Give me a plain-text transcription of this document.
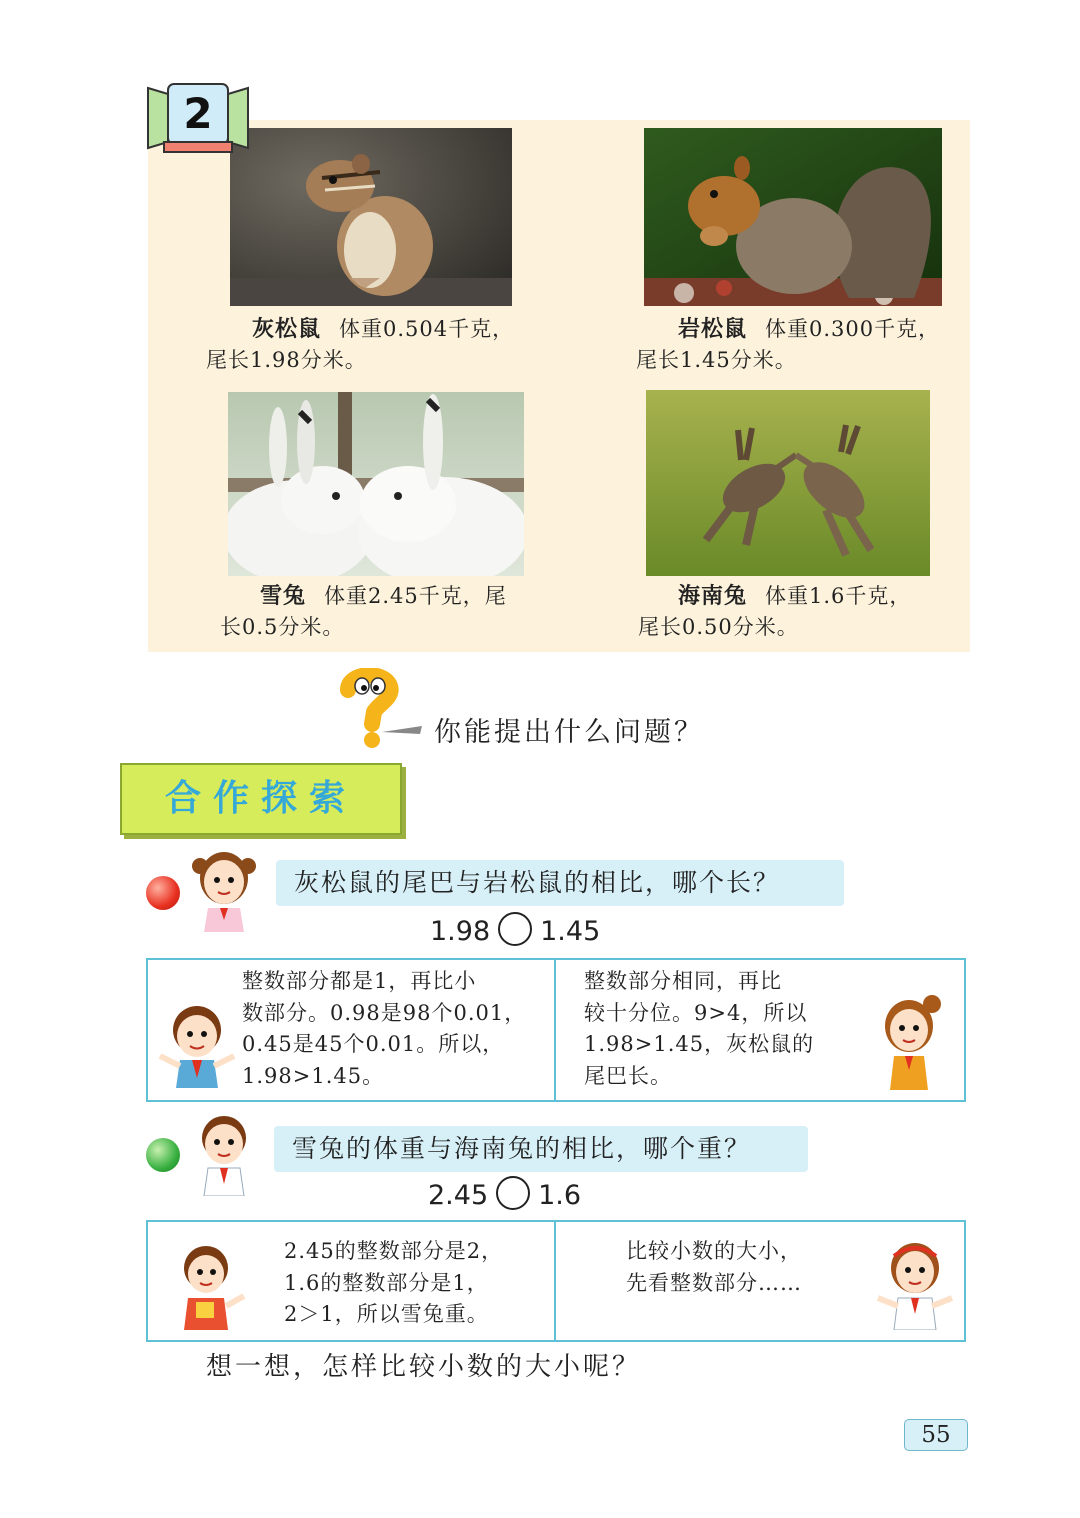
灰松鼠 体重0.504千克，
尾长1.98分米。
岩松鼠 体重0.300千克，
尾长1.45分米。
雪兔 体重2.45千克，尾
长0.5分米。
海南兔 体重1.6千克，
尾长0.50分米。
2
你能提出什么问题？
合作探索
灰松鼠的尾巴与岩松鼠的相比，哪个长？
1.98 1.45
整数部分都是1，再比小
数部分。0.98是98个0.01，
0.45是45个0.01。所以，
1.98>1.45。
整数部分相同，再比
较十分位。9>4，所以
1.98>1.45，灰松鼠的
尾巴长。
雪兔的体重与海南兔的相比，哪个重？
2.45 1.6
2.45的整数部分是2，
1.6的整数部分是1，
2＞1，所以雪兔重。
比较小数的大小，
先看整数部分……
想一想，怎样比较小数的大小呢？
55
